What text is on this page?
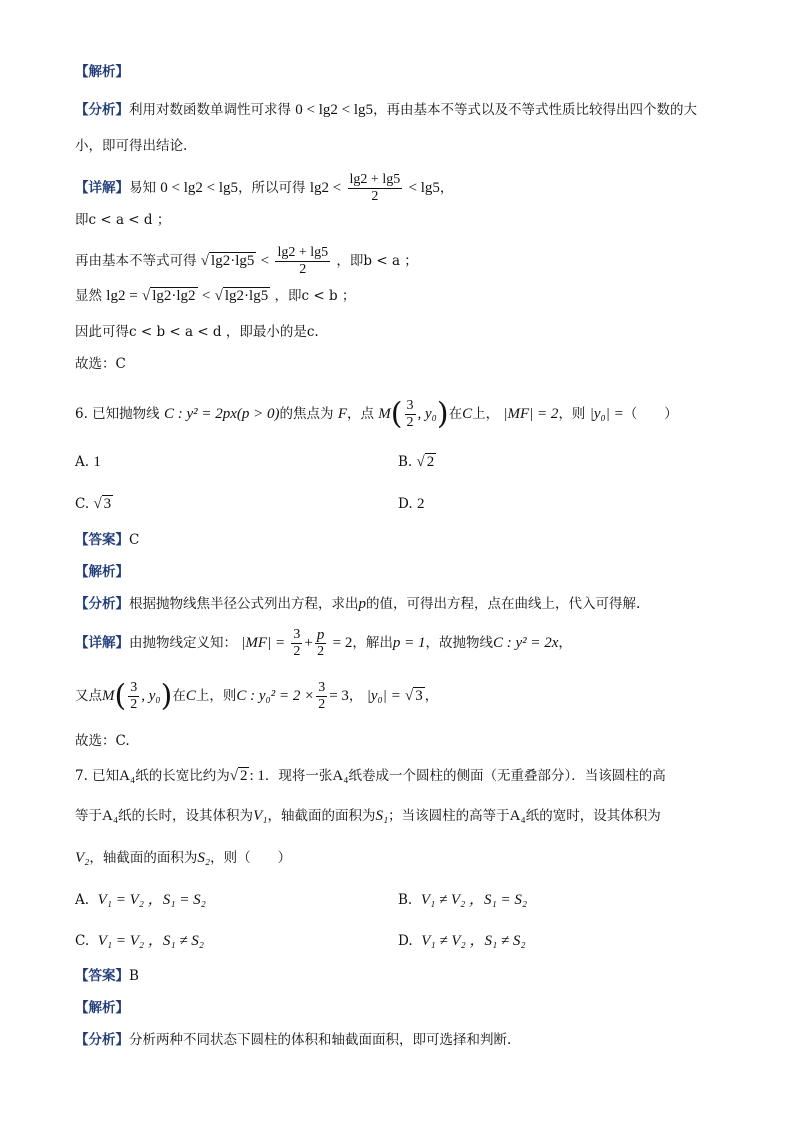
【解析】
【分析】利用对数函数单调性可求得 0 < lg2 < lg5，再由基本不等式以及不等式性质比较得出四个数的大
小，即可得出结论.
【详解】易知 0 < lg2 < lg5，所以可得 $\lg 2 < \frac{\lg 2 + \lg 5}{2} < \lg 5$，
即c < a < d ；
再由基本不等式可得 √ $\lg 2\cdot\lg 5 < \frac{\lg 2 + \lg 5}{2}$ ，即b < a ；
显然 lg2 = √ lg2·lg2 < √ lg2·lg5 ，即c < b ；
因此可得c < b < a < d ，即最小的是c.
故选：C
6. 已知抛物线 C : y² = 2px(p > 0)的焦点为 F，点 $M( \frac{3}{2}$ , y₀)在C上， |MF| = 2，则 |y₀| =（　　）
A. 1	B. √ 2
C. √ 3	D. 2
【答案】C
【解析】
【分析】根据抛物线焦半径公式列出方程，求出p的值，可得出方程，点在曲线上，代入可得解.
【详解】由抛物线定义知： $|MF| = \frac{3}{2} + \frac{p}{2} = 2$，解出p = 1，故抛物线C : y² = 2x，
又点$M( \frac{3}{2}$ , y₀)在C上，则C : $y_0^2 = 2 \times \frac{3}{2} = 3$， |y₀| = √ 3 ，
故选：C.
7. 已知A₄纸的长宽比约为√ 2 : 1．现将一张A₄纸卷成一个圆柱的侧面（无重叠部分）．当该圆柱的高
等于A₄纸的长时，设其体积为V₁，轴截面的面积为S₁；当该圆柱的高等于A₄纸的宽时，设其体积为
V₂，轴截面的面积为S₂，则（　　）
A. V₁ = V₂ ，S₁ = S₂	B. V₁ ≠ V₂ ，S₁ = S₂
C. V₁ = V₂ ，S₁ ≠ S₂	D. V₁ ≠ V₂ ，S₁ ≠ S₂
【答案】B
【解析】
【分析】分析两种不同状态下圆柱的体积和轴截面面积，即可选择和判断.
